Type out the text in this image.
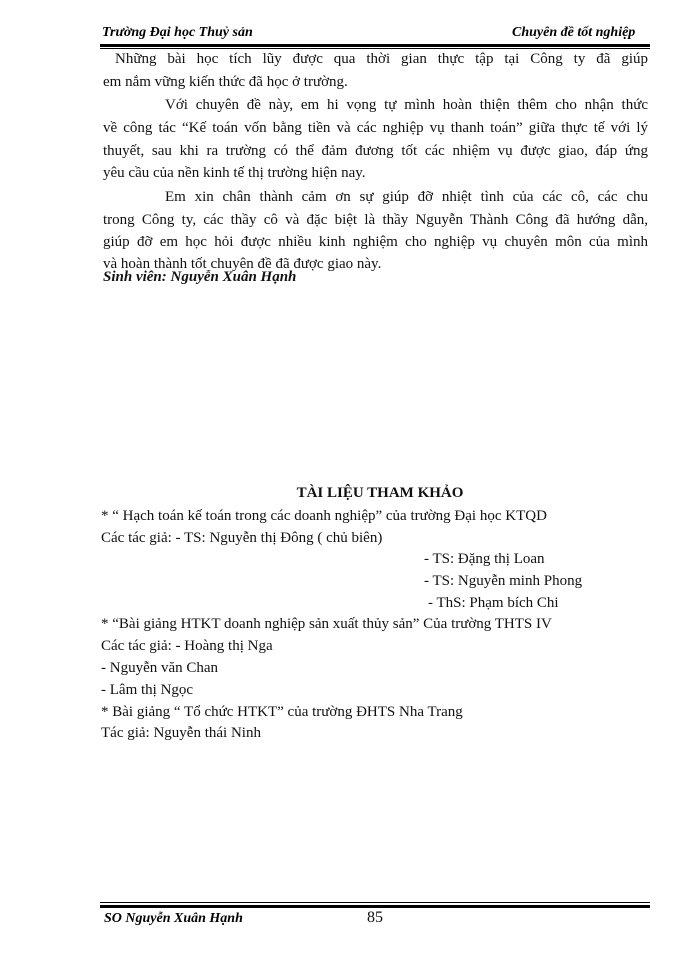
Trường Đại học Thuỷ sản	Chuyên đề tốt nghiệp
Những bài học tích lũy được qua thời gian thực tập tại Công ty đã giúp
em nắm vững kiến thức đã học ở trường.
Với chuyên đề này, em hi vọng tự mình hoàn thiện thêm cho nhận thức
về công tác “Kế toán vốn bằng tiền và các nghiệp vụ thanh toán” giữa thực tế với lý
thuyết, sau khi ra trường có thể đảm đương tốt các nhiệm vụ được giao, đáp ứng
yêu cầu của nền kinh tế thị trường hiện nay.
Em xin chân thành cảm ơn sự giúp đỡ nhiệt tình của các cô, các chu
trong Công ty, các thầy cô và đặc biệt là thầy Nguyễn Thành Công đã hướng dẫn,
giúp đỡ em học hỏi được nhiều kinh nghiệm cho nghiệp vụ chuyên môn của mình
và hoàn thành tốt chuyên đề đã được giao này.
Sinh viên: Nguyễn Xuân Hạnh
TÀI LIỆU THAM KHẢO
* “ Hạch toán kế toán trong các doanh nghiệp” của trường Đại học KTQD
Các tác giả: - TS: Nguyễn thị Đông ( chủ biên)
- TS: Đặng thị Loan
- TS: Nguyễn minh Phong
- ThS: Phạm bích Chi
* “Bài giảng HTKT doanh nghiệp sản xuất thủy sản” Của trường THTS IV
Các tác giả: - Hoàng thị Nga
- Nguyễn văn Chan
- Lâm thị Ngọc
* Bài giảng “ Tổ chức HTKT” của trường ĐHTS Nha Trang
Tác giả: Nguyễn thái Ninh
SO Nguyễn Xuân Hạnh	85
